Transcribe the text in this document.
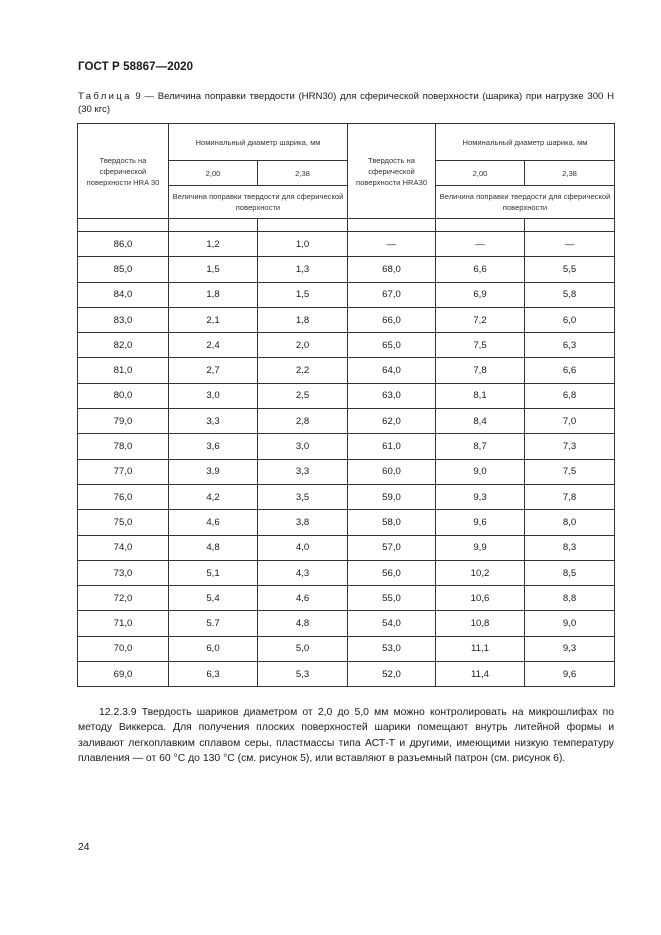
ГОСТ Р 58867—2020
Таблица 9 — Величина поправки твердости (HRN30) для сферической поверхности (шарика) при нагрузке 300 Н (30 кгс)
Твердость на сферической поверхности HRA 30	Номинальный диаметр шарика, мм		Твердость на сферической поверхности HRA30	Номинальный диаметр шарика, мм	
	2,00	2,38		2,00	2,38
	Величина поправки твердости для сферической поверхности			Величина поправки твердости для сферической поверхности	

86,0	1,2	1,0	—	—	—
85,0	1,5	1,3	68,0	6,6	5,5
84,0	1,8	1,5	67,0	6,9	5,8
83,0	2,1	1,8	66,0	7,2	6,0
82,0	2,4	2,0	65,0	7,5	6,3
81,0	2,7	2,2	64,0	7,8	6,6
80,0	3,0	2,5	63,0	8,1	6,8
79,0	3,3	2,8	62,0	8,4	7,0
78,0	3,6	3,0	61,0	8,7	7,3
77,0	3,9	3,3	60,0	9,0	7,5
76,0	4,2	3,5	59,0	9,3	7,8
75,0	4,6	3,8	58,0	9,6	8,0
74,0	4,8	4,0	57,0	9,9	8,3
73,0	5,1	4,3	56,0	10,2	8,5
72,0	5,4	4,6	55,0	10,6	8,8
71,0	5.7	4,8	54,0	10,8	9,0
70,0	6,0	5,0	53,0	11,1	9,3
69,0	6,3	5,3	52,0	11,4	9,6

12.2.3.9 Твердость шариков диаметром от 2,0 до 5,0 мм можно контролировать на микрошлифах по методу Виккерса. Для получения плоских поверхностей шарики помещают внутрь литейной формы и заливают легкоплавким сплавом серы, пластмассы типа АСТ-Т и другими, имеющими низкую температуру плавления — от 60 °С до 130 °С (см. рисунок 5), или вставляют в разъемный патрон (см. рисунок 6).

24
